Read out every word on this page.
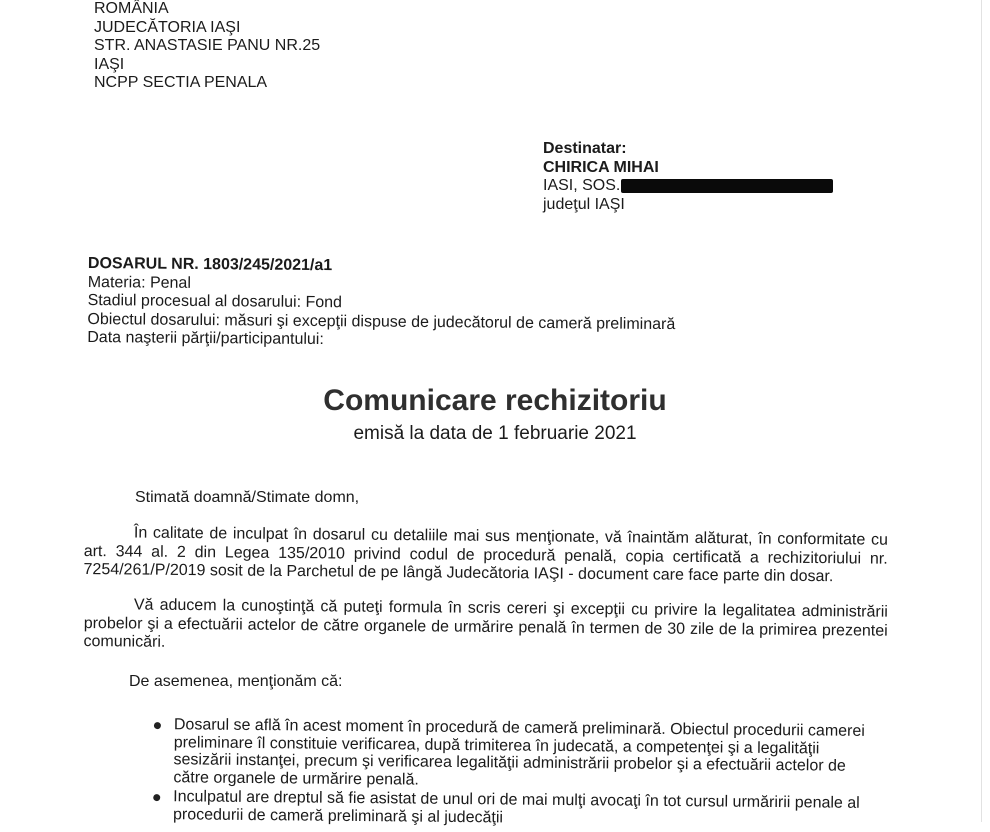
ROMÂNIA
JUDECĂTORIA IAŞI
STR. ANASTASIE PANU NR.25
IAŞI
NCPP SECTIA PENALA
Destinatar:
CHIRICA MIHAI
IASI, SOS.
judeţul IAŞI
DOSARUL NR. 1803/245/2021/a1
Materia: Penal
Stadiul procesual al dosarului: Fond
Obiectul dosarului: măsuri şi excepţii dispuse de judecătorul de cameră preliminară
Data naşterii părţii/participantului:
Comunicare rechizitoriu
emisă la data de 1 februarie 2021
Stimată doamnă/Stimate domn,
În calitate de inculpat în dosarul cu detaliile mai sus menţionate, vă înaintăm alăturat, în conformitate cu art. 344 al. 2 din Legea 135/2010 privind codul de procedură penală, copia certificată a rechizitoriului nr. 7254/261/P/2019 sosit de la Parchetul de pe lângă Judecătoria IAŞI - document care face parte din dosar.
Vă aducem la cunoştinţă că puteţi formula în scris cereri şi excepţii cu privire la legalitatea administrării probelor şi a efectuării actelor de către organele de urmărire penală în termen de 30 zile de la primirea prezentei comunicări.
De asemenea, menţionăm că:
Dosarul se află în acest moment în procedură de cameră preliminară. Obiectul procedurii camerei preliminare îl constituie verificarea, după trimiterea în judecată, a competenţei şi a legalităţii sesizării instanţei, precum şi verificarea legalităţii administrării probelor şi a efectuării actelor de către organele de urmărire penală.
Inculpatul are dreptul să fie asistat de unul ori de mai mulţi avocaţi în tot cursul urmăririi penale al procedurii de cameră preliminară şi al judecăţii
